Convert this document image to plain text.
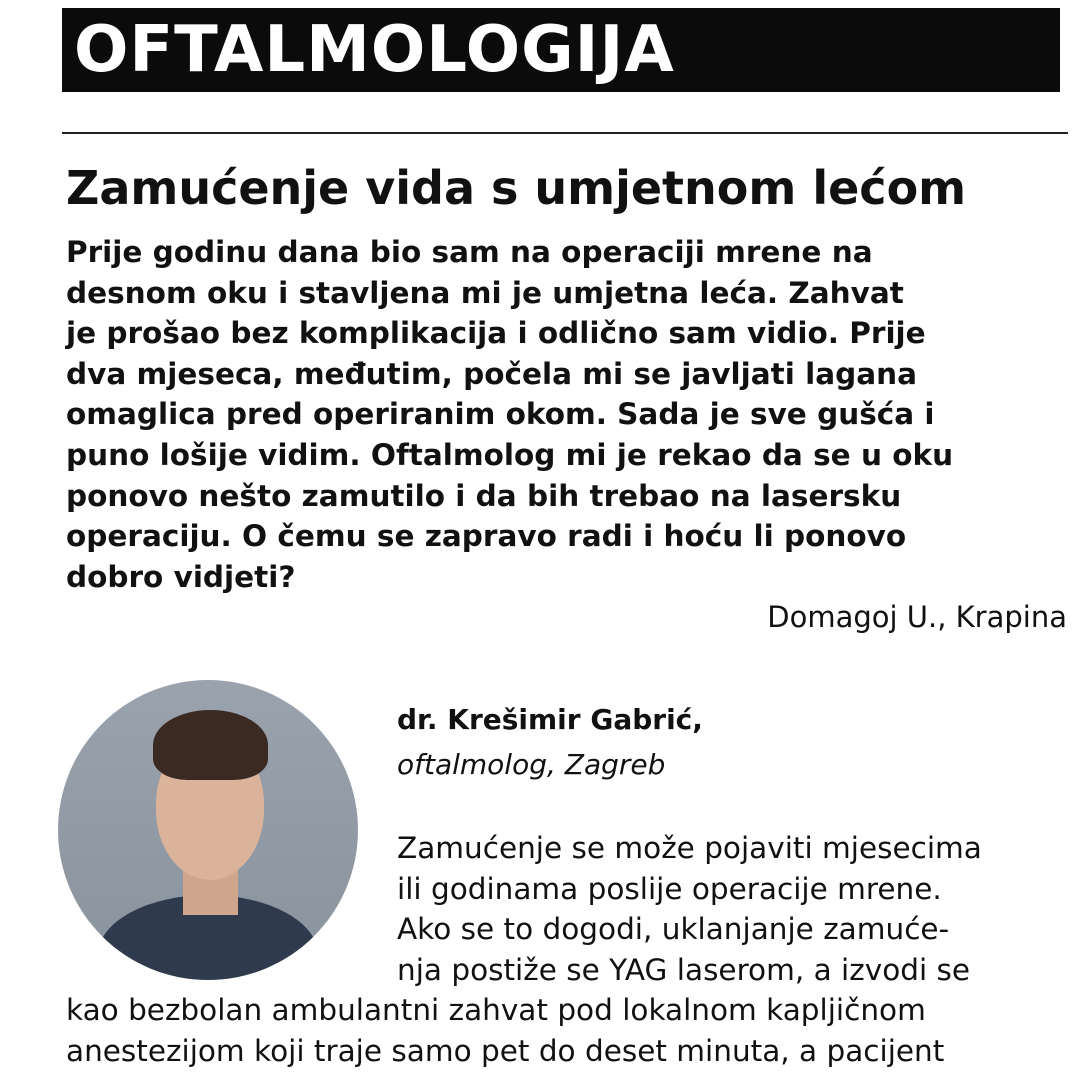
OFTALMOLOGIJA
Zamućenje vida s umjetnom lećom
Prije godinu dana bio sam na operaciji mrene na
desnom oku i stavljena mi je umjetna leća. Zahvat
je prošao bez komplikacija i odlično sam vidio. Prije
dva mjeseca, međutim, počela mi se javljati lagana
omaglica pred operiranim okom. Sada je sve gušća i
puno lošije vidim. Oftalmolog mi je rekao da se u oku
ponovo nešto zamutilo i da bih trebao na lasersku
operaciju. O čemu se zapravo radi i hoću li ponovo
dobro vidjeti?
Domagoj U., Krapina
dr. Krešimir Gabrić,
oftalmolog, Zagreb
Zamućenje se može pojaviti mjesecima
ili godinama poslije operacije mrene.
Ako se to dogodi, uklanjanje zamuće-
nja postiže se YAG laserom, a izvodi se
kao bezbolan ambulantni zahvat pod lokalnom kapljičnom
anestezijom koji traje samo pet do deset minuta, a pacijent
